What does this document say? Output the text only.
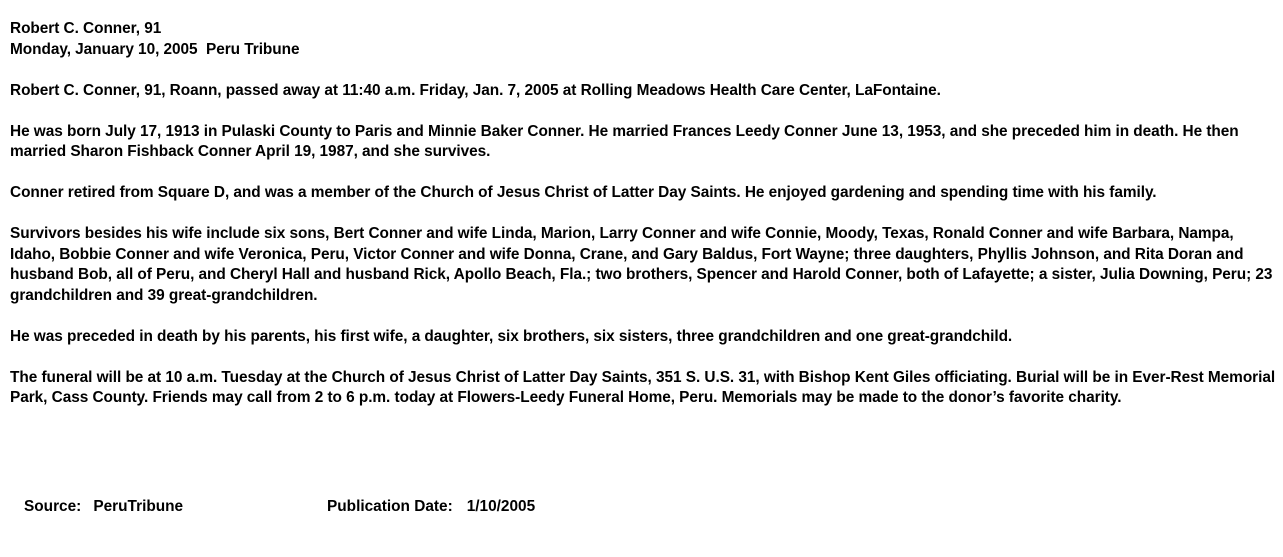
Robert C. Conner, 91
Monday, January 10, 2005  Peru Tribune

Robert C. Conner, 91, Roann, passed away at 11:40 a.m. Friday, Jan. 7, 2005 at Rolling Meadows Health Care Center, LaFontaine.

He was born July 17, 1913 in Pulaski County to Paris and Minnie Baker Conner. He married Frances Leedy Conner June 13, 1953, and she preceded him in death. He then married Sharon Fishback Conner April 19, 1987, and she survives.

Conner retired from Square D, and was a member of the Church of Jesus Christ of Latter Day Saints. He enjoyed gardening and spending time with his family.

Survivors besides his wife include six sons, Bert Conner and wife Linda, Marion, Larry Conner and wife Connie, Moody, Texas, Ronald Conner and wife Barbara, Nampa, Idaho, Bobbie Conner and wife Veronica, Peru, Victor Conner and wife Donna, Crane, and Gary Baldus, Fort Wayne; three daughters, Phyllis Johnson, and Rita Doran and husband Bob, all of Peru, and Cheryl Hall and husband Rick, Apollo Beach, Fla.; two brothers, Spencer and Harold Conner, both of Lafayette; a sister, Julia Downing, Peru; 23 grandchildren and 39 great-grandchildren.

He was preceded in death by his parents, his first wife, a daughter, six brothers, six sisters, three grandchildren and one great-grandchild.

The funeral will be at 10 a.m. Tuesday at the Church of Jesus Christ of Latter Day Saints, 351 S. U.S. 31, with Bishop Kent Giles officiating. Burial will be in Ever-Rest Memorial Park, Cass County. Friends may call from 2 to 6 p.m. today at Flowers-Leedy Funeral Home, Peru. Memorials may be made to the donor’s favorite charity.

Source: PeruTribune

	Publication Date: 1/10/2005
